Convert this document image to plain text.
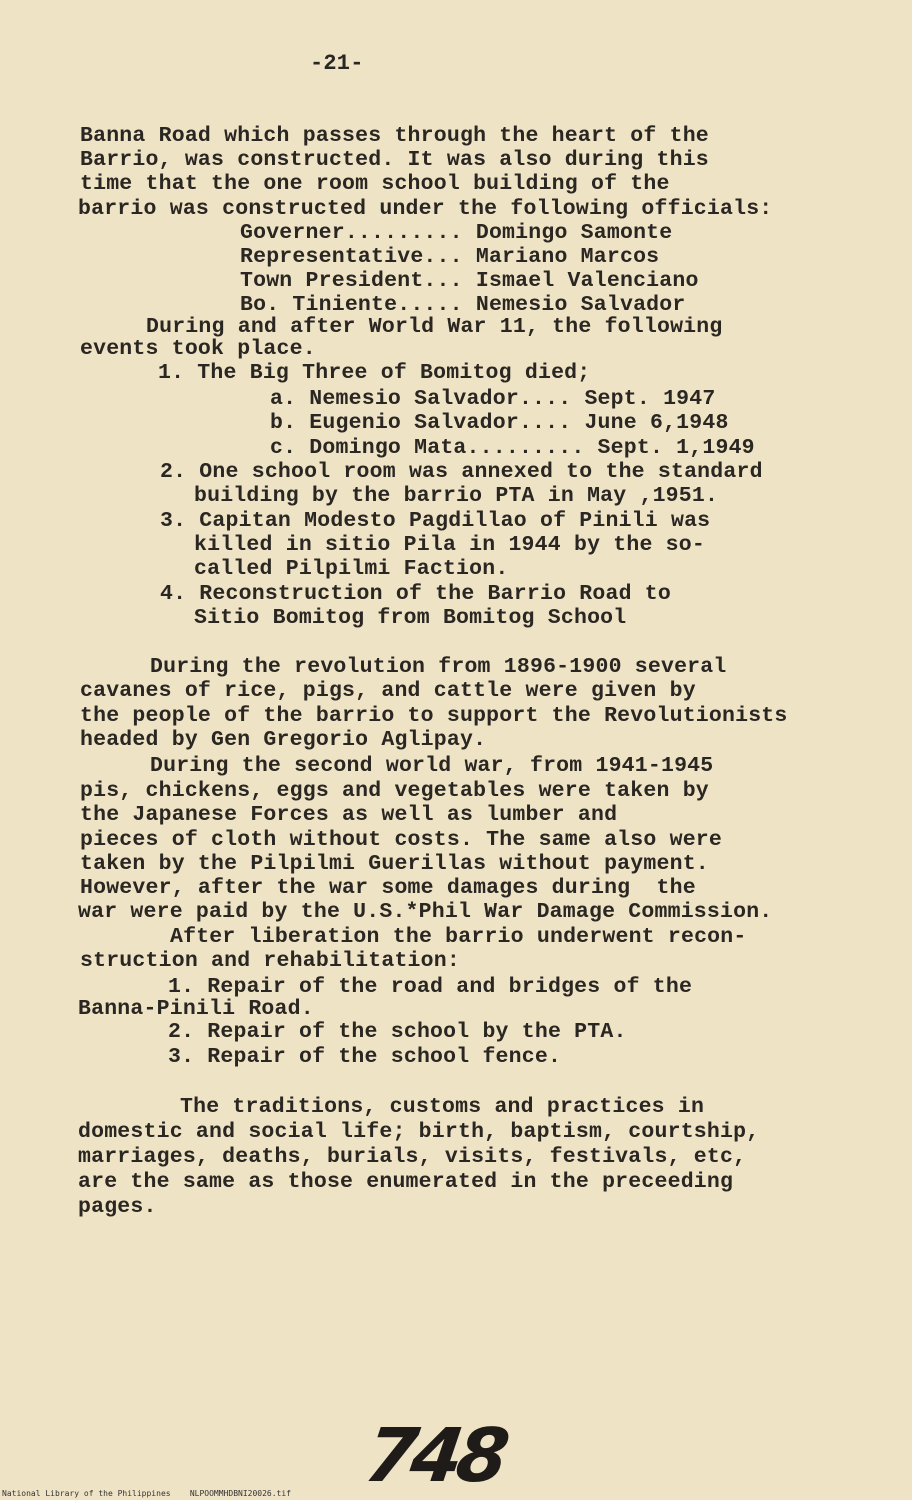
-21-
Banna Road which passes through the heart of the
Barrio, was constructed. It was also during this
time that the one room school building of the
barrio was constructed under the following officials:
Governer......... Domingo Samonte
Representative... Mariano Marcos
Town President... Ismael Valenciano
Bo. Tiniente..... Nemesio Salvador
During and after World War 11, the following
events took place.
1. The Big Three of Bomitog died;
a. Nemesio Salvador.... Sept. 1947
b. Eugenio Salvador.... June 6,1948
c. Domingo Mata......... Sept. 1,1949
2. One school room was annexed to the standard
building by the barrio PTA in May ,1951.
3. Capitan Modesto Pagdillao of Pinili was
killed in sitio Pila in 1944 by the so-
called Pilpilmi Faction.
4. Reconstruction of the Barrio Road to
Sitio Bomitog from Bomitog School
During the revolution from 1896-1900 several
cavanes of rice, pigs, and cattle were given by
the people of the barrio to support the Revolutionists
headed by Gen Gregorio Aglipay.
During the second world war, from 1941-1945
pis, chickens, eggs and vegetables were taken by
the Japanese Forces as well as lumber and
pieces of cloth without costs. The same also were
taken by the Pilpilmi Guerillas without payment.
However, after the war some damages during  the
war were paid by the U.S.*Phil War Damage Commission.
After liberation the barrio underwent recon-
struction and rehabilitation:
1. Repair of the road and bridges of the
Banna-Pinili Road.
2. Repair of the school by the PTA.
3. Repair of the school fence.
The traditions, customs and practices in
domestic and social life; birth, baptism, courtship,
marriages, deaths, burials, visits, festivals, etc,
are the same as those enumerated in the preceeding
pages.
748
National Library of the Philippines    NLPOOMMHDBNI20026.tif
